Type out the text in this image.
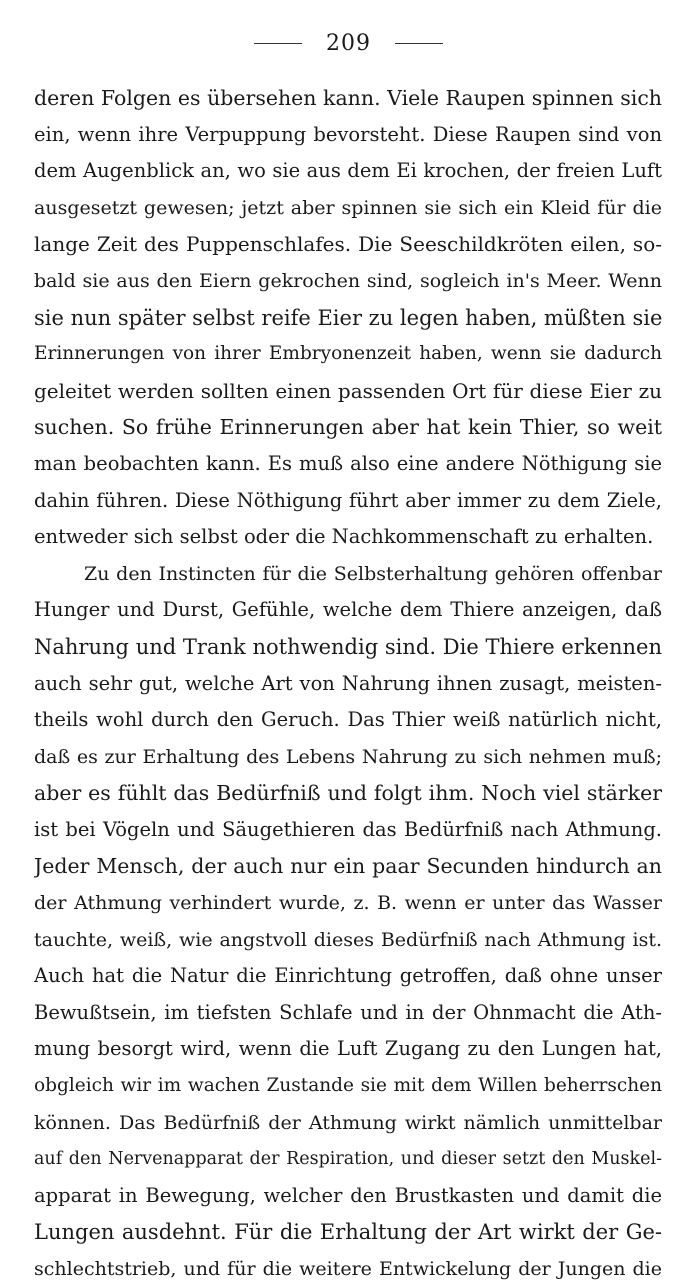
209
deren Folgen es übersehen kann. Viele Raupen spinnen sich
ein, wenn ihre Verpuppung bevorsteht. Diese Raupen sind von
dem Augenblick an, wo sie aus dem Ei krochen, der freien Luft
ausgesetzt gewesen; jetzt aber spinnen sie sich ein Kleid für die
lange Zeit des Puppenschlafes. Die Seeschildkröten eilen, so-
bald sie aus den Eiern gekrochen sind, sogleich in's Meer. Wenn
sie nun später selbst reife Eier zu legen haben, müßten sie
Erinnerungen von ihrer Embryonenzeit haben, wenn sie dadurch
geleitet werden sollten einen passenden Ort für diese Eier zu
suchen. So frühe Erinnerungen aber hat kein Thier, so weit
man beobachten kann. Es muß also eine andere Nöthigung sie
dahin führen. Diese Nöthigung führt aber immer zu dem Ziele,
entweder sich selbst oder die Nachkommenschaft zu erhalten.
Zu den Instincten für die Selbsterhaltung gehören offenbar
Hunger und Durst, Gefühle, welche dem Thiere anzeigen, daß
Nahrung und Trank nothwendig sind. Die Thiere erkennen
auch sehr gut, welche Art von Nahrung ihnen zusagt, meisten-
theils wohl durch den Geruch. Das Thier weiß natürlich nicht,
daß es zur Erhaltung des Lebens Nahrung zu sich nehmen muß;
aber es fühlt das Bedürfniß und folgt ihm. Noch viel stärker
ist bei Vögeln und Säugethieren das Bedürfniß nach Athmung.
Jeder Mensch, der auch nur ein paar Secunden hindurch an
der Athmung verhindert wurde, z. B. wenn er unter das Wasser
tauchte, weiß, wie angstvoll dieses Bedürfniß nach Athmung ist.
Auch hat die Natur die Einrichtung getroffen, daß ohne unser
Bewußtsein, im tiefsten Schlafe und in der Ohnmacht die Ath-
mung besorgt wird, wenn die Luft Zugang zu den Lungen hat,
obgleich wir im wachen Zustande sie mit dem Willen beherrschen
können. Das Bedürfniß der Athmung wirkt nämlich unmittelbar
auf den Nervenapparat der Respiration, und dieser setzt den Muskel-
apparat in Bewegung, welcher den Brustkasten und damit die
Lungen ausdehnt. Für die Erhaltung der Art wirkt der Ge-
schlechtstrieb, und für die weitere Entwickelung der Jungen die
